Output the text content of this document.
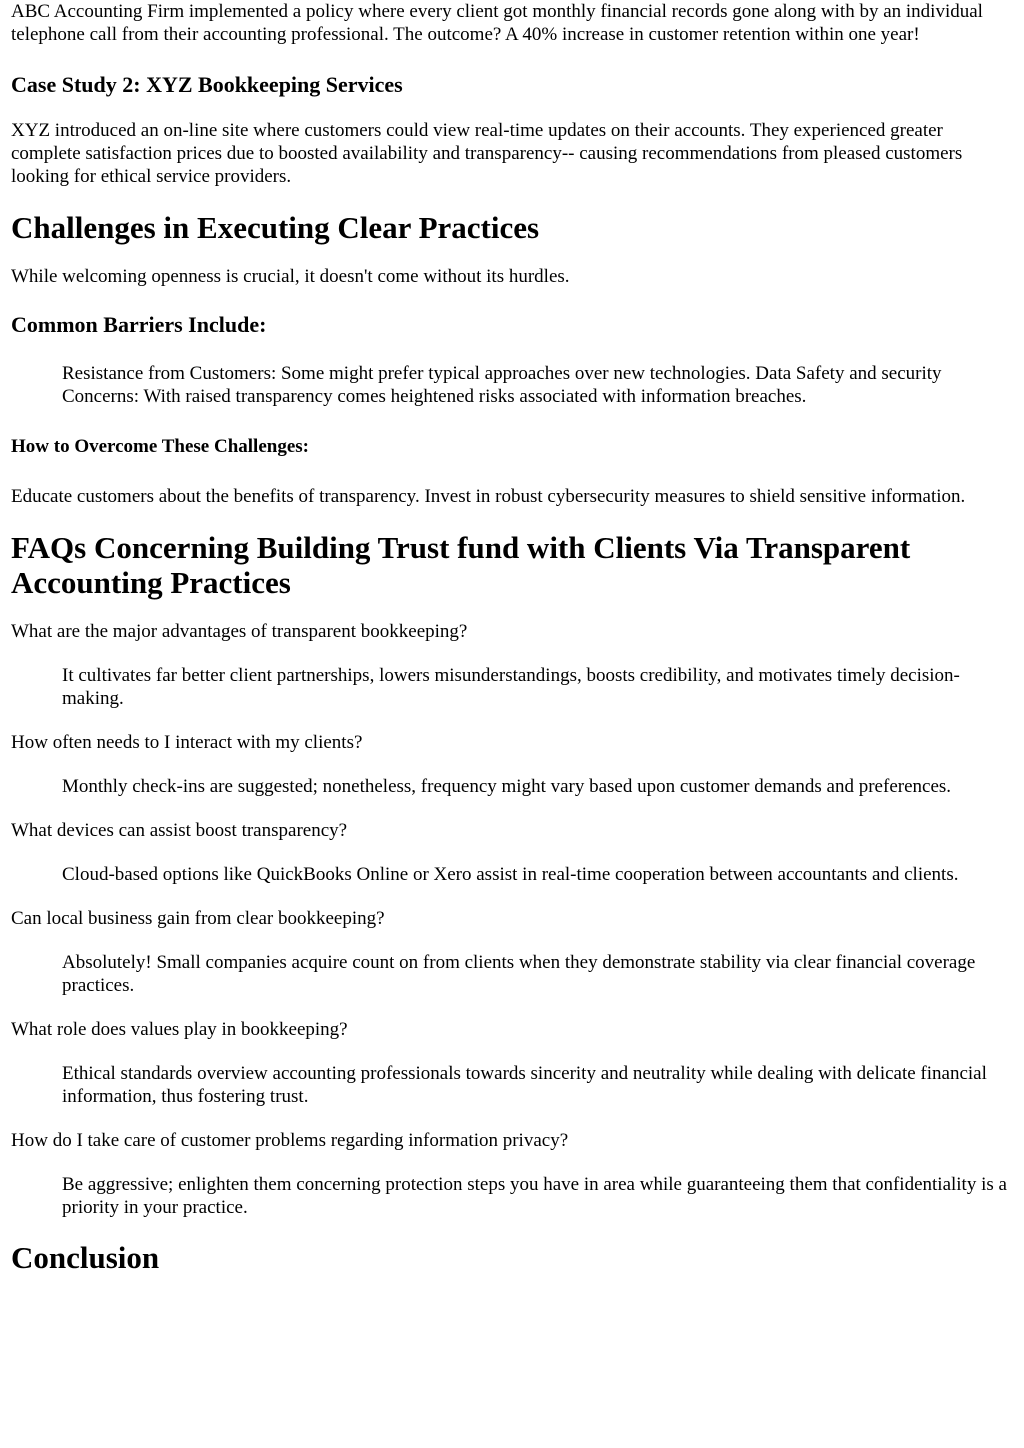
ABC Accounting Firm implemented a policy where every client got monthly financial records gone along with by an individual telephone call from their accounting professional. The outcome? A 40% increase in customer retention within one year!

Case Study 2: XYZ Bookkeeping Services

XYZ introduced an on-line site where customers could view real-time updates on their accounts. They experienced greater complete satisfaction prices due to boosted availability and transparency-- causing recommendations from pleased customers looking for ethical service providers.

Challenges in Executing Clear Practices

While welcoming openness is crucial, it doesn't come without its hurdles.

Common Barriers Include:

Resistance from Customers: Some might prefer typical approaches over new technologies. Data Safety and security Concerns: With raised transparency comes heightened risks associated with information breaches.

How to Overcome These Challenges:

Educate customers about the benefits of transparency. Invest in robust cybersecurity measures to shield sensitive information.

FAQs Concerning Building Trust fund with Clients Via Transparent Accounting Practices
What are the major advantages of transparent bookkeeping?
It cultivates far better client partnerships, lowers misunderstandings, boosts credibility, and motivates timely decision-making.
How often needs to I interact with my clients?
Monthly check-ins are suggested; nonetheless, frequency might vary based upon customer demands and preferences.
What devices can assist boost transparency?
Cloud-based options like QuickBooks Online or Xero assist in real-time cooperation between accountants and clients.
Can local business gain from clear bookkeeping?
Absolutely! Small companies acquire count on from clients when they demonstrate stability via clear financial coverage practices.
What role does values play in bookkeeping?
Ethical standards overview accounting professionals towards sincerity and neutrality while dealing with delicate financial information, thus fostering trust.
How do I take care of customer problems regarding information privacy?
Be aggressive; enlighten them concerning protection steps you have in area while guaranteeing them that confidentiality is a priority in your practice.
Conclusion
